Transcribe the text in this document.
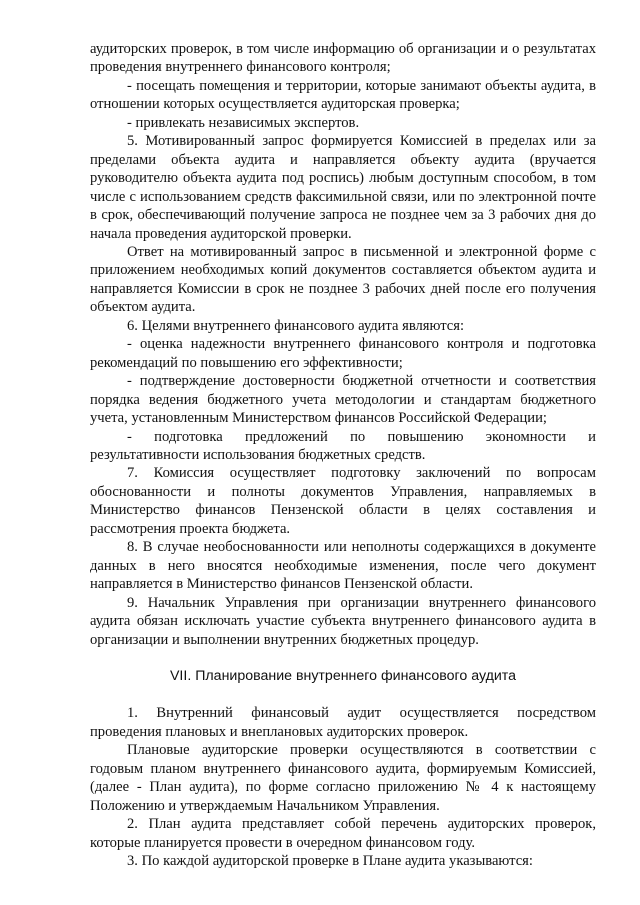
аудиторских проверок, в том числе информацию об организации и о результатах проведения внутреннего финансового контроля;

- посещать помещения и территории, которые занимают объекты аудита, в отношении которых осуществляется аудиторская проверка;

- привлекать независимых экспертов.

5. Мотивированный запрос формируется Комиссией в пределах или за пределами объекта аудита и направляется объекту аудита (вручается руководителю объекта аудита под роспись) любым доступным способом, в том числе с использованием средств факсимильной связи, или по электронной почте в срок, обеспечивающий получение запроса не позднее чем за 3 рабочих дня до начала проведения аудиторской проверки.

Ответ на мотивированный запрос в письменной и электронной форме с приложением необходимых копий документов составляется объектом аудита и направляется Комиссии в срок не позднее 3 рабочих дней после его получения объектом аудита.

6. Целями внутреннего финансового аудита являются:

- оценка надежности внутреннего финансового контроля и подготовка рекомендаций по повышению его эффективности;

- подтверждение достоверности бюджетной отчетности и соответствия порядка ведения бюджетного учета методологии и стандартам бюджетного учета, установленным Министерством финансов Российской Федерации;

- подготовка предложений по повышению экономности и результативности использования бюджетных средств.

7. Комиссия осуществляет подготовку заключений по вопросам обоснованности и полноты документов Управления, направляемых в Министерство финансов Пензенской области в целях составления и рассмотрения проекта бюджета.

8. В случае необоснованности или неполноты содержащихся в документе данных в него вносятся необходимые изменения, после чего документ направляется в Министерство финансов Пензенской области.

9. Начальник Управления при организации внутреннего финансового аудита обязан исключать участие субъекта внутреннего финансового аудита в организации и выполнении внутренних бюджетных процедур.

VII. Планирование внутреннего финансового аудита

1. Внутренний финансовый аудит осуществляется посредством проведения плановых и внеплановых аудиторских проверок.

Плановые аудиторские проверки осуществляются в соответствии с годовым планом внутреннего финансового аудита, формируемым Комиссией, (далее - План аудита), по форме согласно приложению № 4 к настоящему Положению и утверждаемым Начальником Управления.

2. План аудита представляет собой перечень аудиторских проверок, которые планируется провести в очередном финансовом году.

3. По каждой аудиторской проверке в Плане аудита указываются:
